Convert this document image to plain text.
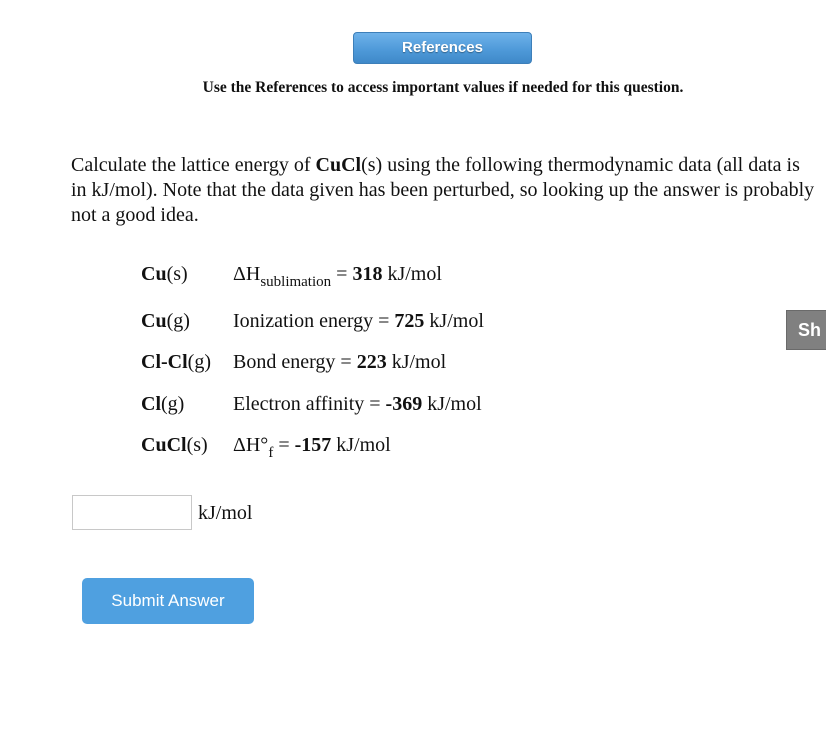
References
Use the References to access important values if needed for this question.
Calculate the lattice energy of CuCl(s) using the following thermodynamic data (all data is in kJ/mol). Note that the data given has been perturbed, so looking up the answer is probably not a good idea.
Cu(s) $\Delta H_{sublimation} = 318$ kJ/mol
Cu(g) Ionization energy = 725 kJ/mol
Cl-Cl(g) Bond energy = 223 kJ/mol
Cl(g) Electron affinity = -369 kJ/mol
CuCl(s) $\Delta H^\circ_f = -157$ kJ/mol
Sh
kJ/mol
Submit Answer
